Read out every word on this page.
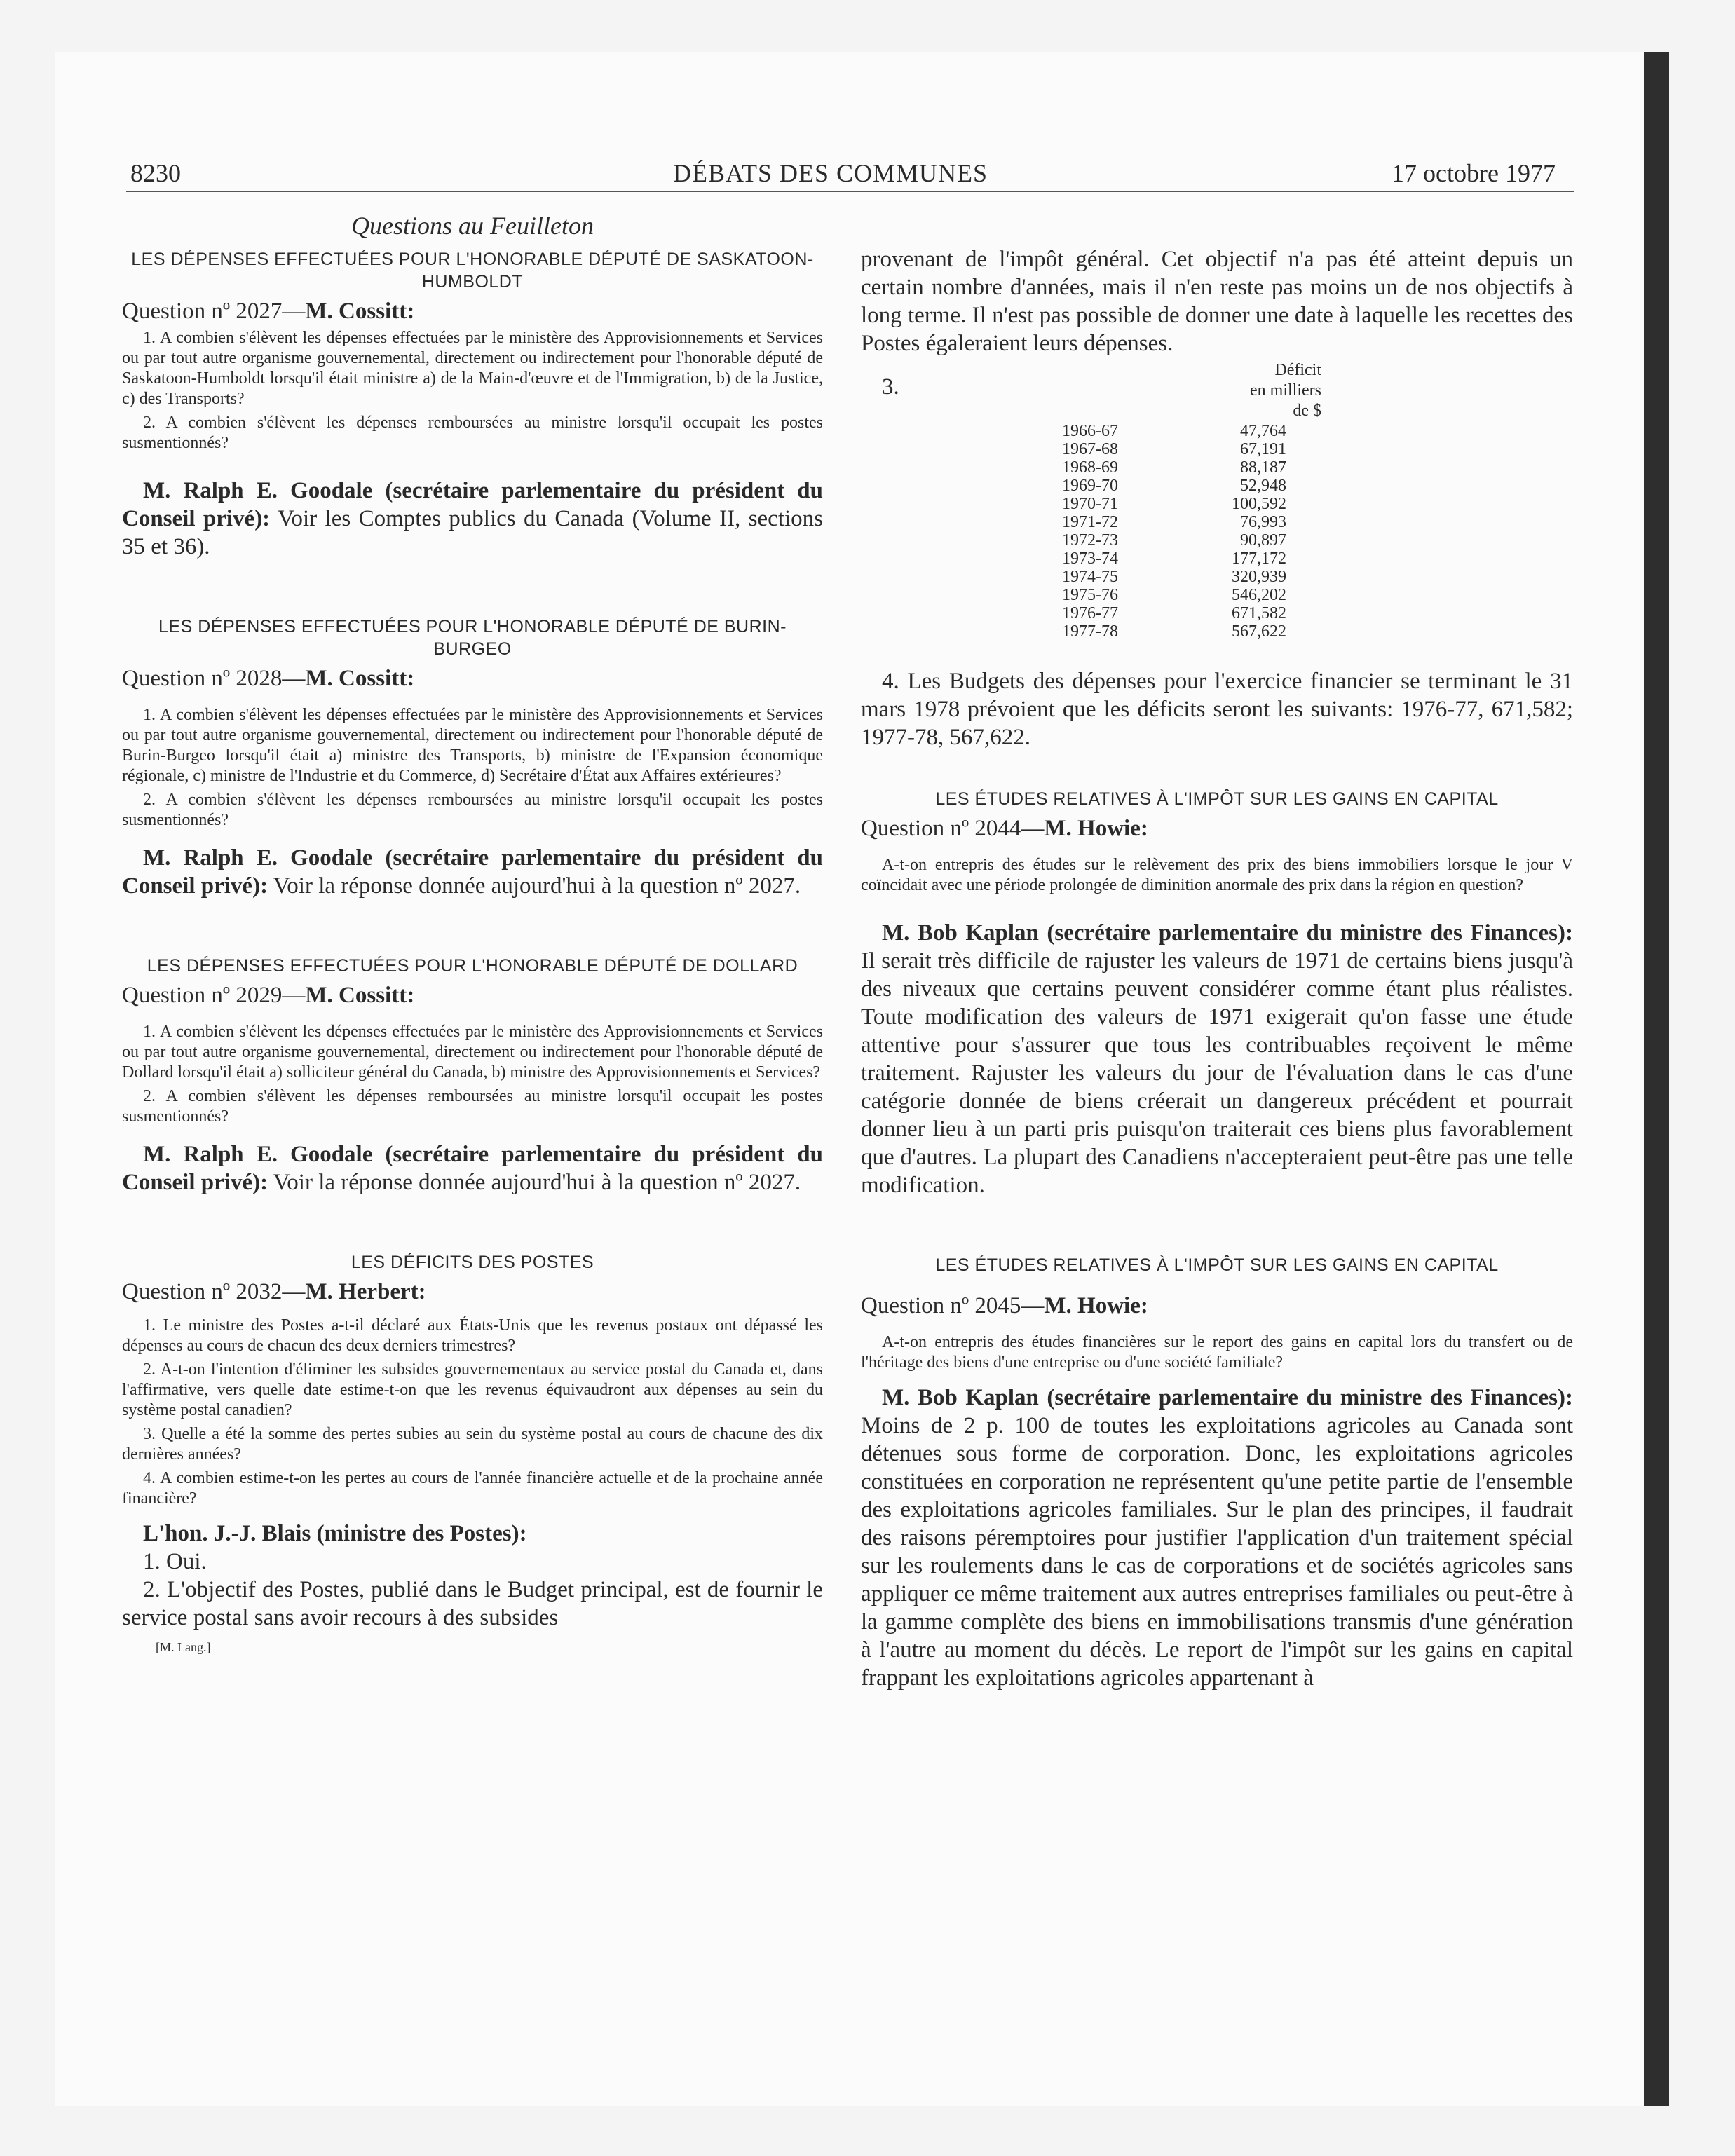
8230	DÉBATS DES COMMUNES	17 octobre 1977
Questions au Feuilleton

LES DÉPENSES EFFECTUÉES POUR L'HONORABLE DÉPUTÉ DE SASKATOON-HUMBOLDT

Question nº 2027—M. Cossitt:

1. A combien s'élèvent les dépenses effectuées par le ministère des Approvisionnements et Services ou par tout autre organisme gouvernemental, directement ou indirectement pour l'honorable député de Saskatoon-Humboldt lorsqu'il était ministre a) de la Main-d'œuvre et de l'Immigration, b) de la Justice, c) des Transports?

2. A combien s'élèvent les dépenses remboursées au ministre lorsqu'il occupait les postes susmentionnés?

M. Ralph E. Goodale (secrétaire parlementaire du président du Conseil privé): Voir les Comptes publics du Canada (Volume II, sections 35 et 36).

LES DÉPENSES EFFECTUÉES POUR L'HONORABLE DÉPUTÉ DE BURIN-BURGEO

Question nº 2028—M. Cossitt:

1. A combien s'élèvent les dépenses effectuées par le ministère des Approvisionnements et Services ou par tout autre organisme gouvernemental, directement ou indirectement pour l'honorable député de Burin-Burgeo lorsqu'il était a) ministre des Transports, b) ministre de l'Expansion économique régionale, c) ministre de l'Industrie et du Commerce, d) Secrétaire d'État aux Affaires extérieures?

2. A combien s'élèvent les dépenses remboursées au ministre lorsqu'il occupait les postes susmentionnés?

M. Ralph E. Goodale (secrétaire parlementaire du président du Conseil privé): Voir la réponse donnée aujourd'hui à la question nº 2027.

LES DÉPENSES EFFECTUÉES POUR L'HONORABLE DÉPUTÉ DE DOLLARD

Question nº 2029—M. Cossitt:

1. A combien s'élèvent les dépenses effectuées par le ministère des Approvisionnements et Services ou par tout autre organisme gouvernemental, directement ou indirectement pour l'honorable député de Dollard lorsqu'il était a) solliciteur général du Canada, b) ministre des Approvisionnements et Services?

2. A combien s'élèvent les dépenses remboursées au ministre lorsqu'il occupait les postes susmentionnés?

M. Ralph E. Goodale (secrétaire parlementaire du président du Conseil privé): Voir la réponse donnée aujourd'hui à la question nº 2027.

LES DÉFICITS DES POSTES

Question nº 2032—M. Herbert:

1. Le ministre des Postes a-t-il déclaré aux États-Unis que les revenus postaux ont dépassé les dépenses au cours de chacun des deux derniers trimestres?

2. A-t-on l'intention d'éliminer les subsides gouvernementaux au service postal du Canada et, dans l'affirmative, vers quelle date estime-t-on que les revenus équivaudront aux dépenses au sein du système postal canadien?

3. Quelle a été la somme des pertes subies au sein du système postal au cours de chacune des dix dernières années?

4. A combien estime-t-on les pertes au cours de l'année financière actuelle et de la prochaine année financière?

L'hon. J.-J. Blais (ministre des Postes):

1. Oui.

2. L'objectif des Postes, publié dans le Budget principal, est de fournir le service postal sans avoir recours à des subsides

[M. Lang.]

provenant de l'impôt général. Cet objectif n'a pas été atteint depuis un certain nombre d'années, mais il n'en reste pas moins un de nos objectifs à long terme. Il n'est pas possible de donner une date à laquelle les recettes des Postes égaleraient leurs dépenses.

3.
Déficit
en milliers
de $
1966-67	47,764
1967-68	67,191
1968-69	88,187
1969-70	52,948
1970-71	100,592
1971-72	76,993
1972-73	90,897
1973-74	177,172
1974-75	320,939
1975-76	546,202
1976-77	671,582
1977-78	567,622

4. Les Budgets des dépenses pour l'exercice financier se terminant le 31 mars 1978 prévoient que les déficits seront les suivants: 1976-77, 671,582; 1977-78, 567,622.

LES ÉTUDES RELATIVES À L'IMPÔT SUR LES GAINS EN CAPITAL

Question nº 2044—M. Howie:

A-t-on entrepris des études sur le relèvement des prix des biens immobiliers lorsque le jour V coïncidait avec une période prolongée de diminition anormale des prix dans la région en question?

M. Bob Kaplan (secrétaire parlementaire du ministre des Finances): Il serait très difficile de rajuster les valeurs de 1971 de certains biens jusqu'à des niveaux que certains peuvent considérer comme étant plus réalistes. Toute modification des valeurs de 1971 exigerait qu'on fasse une étude attentive pour s'assurer que tous les contribuables reçoivent le même traitement. Rajuster les valeurs du jour de l'évaluation dans le cas d'une catégorie donnée de biens créerait un dangereux précédent et pourrait donner lieu à un parti pris puisqu'on traiterait ces biens plus favorablement que d'autres. La plupart des Canadiens n'accepteraient peut-être pas une telle modification.

LES ÉTUDES RELATIVES À L'IMPÔT SUR LES GAINS EN CAPITAL

Question nº 2045—M. Howie:

A-t-on entrepris des études financières sur le report des gains en capital lors du transfert ou de l'héritage des biens d'une entreprise ou d'une société familiale?

M. Bob Kaplan (secrétaire parlementaire du ministre des Finances): Moins de 2 p. 100 de toutes les exploitations agricoles au Canada sont détenues sous forme de corporation. Donc, les exploitations agricoles constituées en corporation ne représentent qu'une petite partie de l'ensemble des exploitations agricoles familiales. Sur le plan des principes, il faudrait des raisons péremptoires pour justifier l'application d'un traitement spécial sur les roulements dans le cas de corporations et de sociétés agricoles sans appliquer ce même traitement aux autres entreprises familiales ou peut-être à la gamme complète des biens en immobilisations transmis d'une génération à l'autre au moment du décès. Le report de l'impôt sur les gains en capital frappant les exploitations agricoles appartenant à
